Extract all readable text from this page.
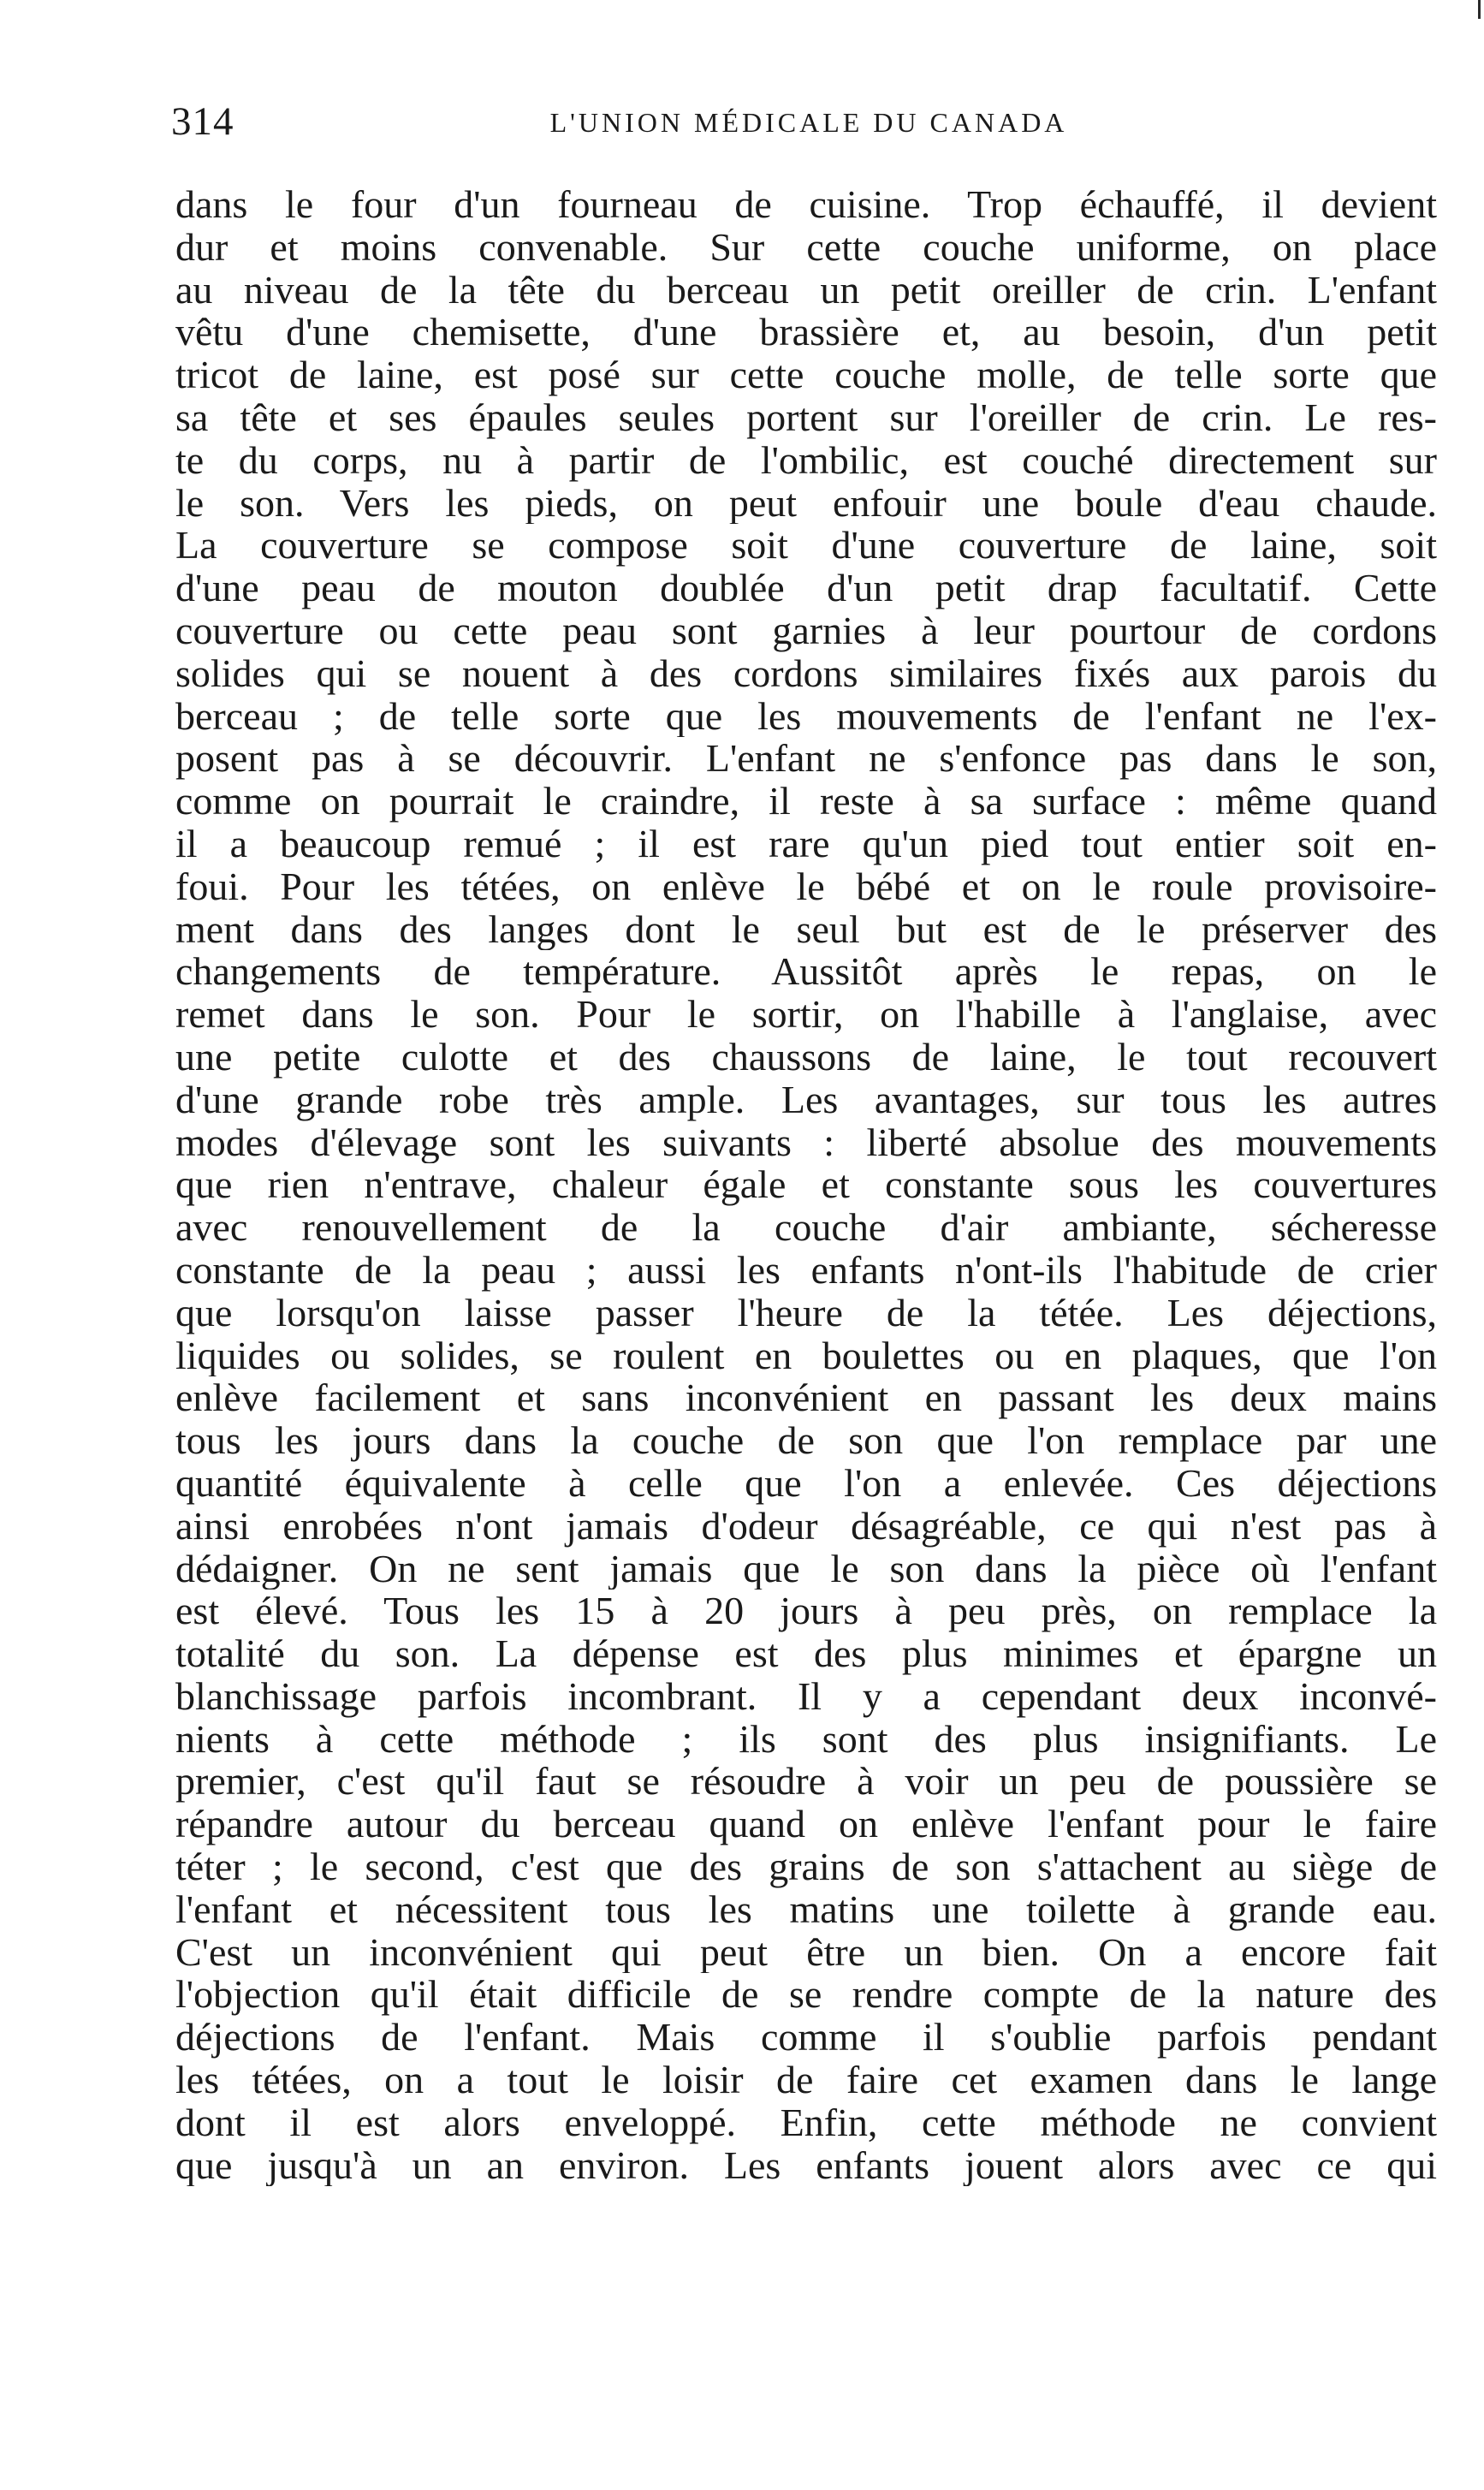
314	L'UNION MÉDICALE DU CANADA
dans le four d'un fourneau de cuisine. Trop échauffé, il devient
dur et moins convenable. Sur cette couche uniforme, on place
au niveau de la tête du berceau un petit oreiller de crin. L'enfant
vêtu d'une chemisette, d'une brassière et, au besoin, d'un petit
tricot de laine, est posé sur cette couche molle, de telle sorte que
sa tête et ses épaules seules portent sur l'oreiller de crin. Le res-
te du corps, nu à partir de l'ombilic, est couché directement sur
le son. Vers les pieds, on peut enfouir une boule d'eau chaude.
La couverture se compose soit d'une couverture de laine, soit
d'une peau de mouton doublée d'un petit drap facultatif. Cette
couverture ou cette peau sont garnies à leur pourtour de cordons
solides qui se nouent à des cordons similaires fixés aux parois du
berceau ; de telle sorte que les mouvements de l'enfant ne l'ex-
posent pas à se découvrir. L'enfant ne s'enfonce pas dans le son,
comme on pourrait le craindre, il reste à sa surface : même quand
il a beaucoup remué ; il est rare qu'un pied tout entier soit en-
foui. Pour les tétées, on enlève le bébé et on le roule provisoire-
ment dans des langes dont le seul but est de le préserver des
changements de température. Aussitôt après le repas, on le
remet dans le son. Pour le sortir, on l'habille à l'anglaise, avec
une petite culotte et des chaussons de laine, le tout recouvert
d'une grande robe très ample. Les avantages, sur tous les autres
modes d'élevage sont les suivants : liberté absolue des mouvements
que rien n'entrave, chaleur égale et constante sous les couvertures
avec renouvellement de la couche d'air ambiante, sécheresse
constante de la peau ; aussi les enfants n'ont-ils l'habitude de crier
que lorsqu'on laisse passer l'heure de la tétée. Les déjections,
liquides ou solides, se roulent en boulettes ou en plaques, que l'on
enlève facilement et sans inconvénient en passant les deux mains
tous les jours dans la couche de son que l'on remplace par une
quantité équivalente à celle que l'on a enlevée. Ces déjections
ainsi enrobées n'ont jamais d'odeur désagréable, ce qui n'est pas à
dédaigner. On ne sent jamais que le son dans la pièce où l'enfant
est élevé. Tous les 15 à 20 jours à peu près, on remplace la
totalité du son. La dépense est des plus minimes et épargne un
blanchissage parfois incombrant. Il y a cependant deux inconvé-
nients à cette méthode ; ils sont des plus insignifiants. Le
premier, c'est qu'il faut se résoudre à voir un peu de poussière se
répandre autour du berceau quand on enlève l'enfant pour le faire
téter ; le second, c'est que des grains de son s'attachent au siège de
l'enfant et nécessitent tous les matins une toilette à grande eau.
C'est un inconvénient qui peut être un bien. On a encore fait
l'objection qu'il était difficile de se rendre compte de la nature des
déjections de l'enfant. Mais comme il s'oublie parfois pendant
les tétées, on a tout le loisir de faire cet examen dans le lange
dont il est alors enveloppé. Enfin, cette méthode ne convient
que jusqu'à un an environ. Les enfants jouent alors avec ce qui
